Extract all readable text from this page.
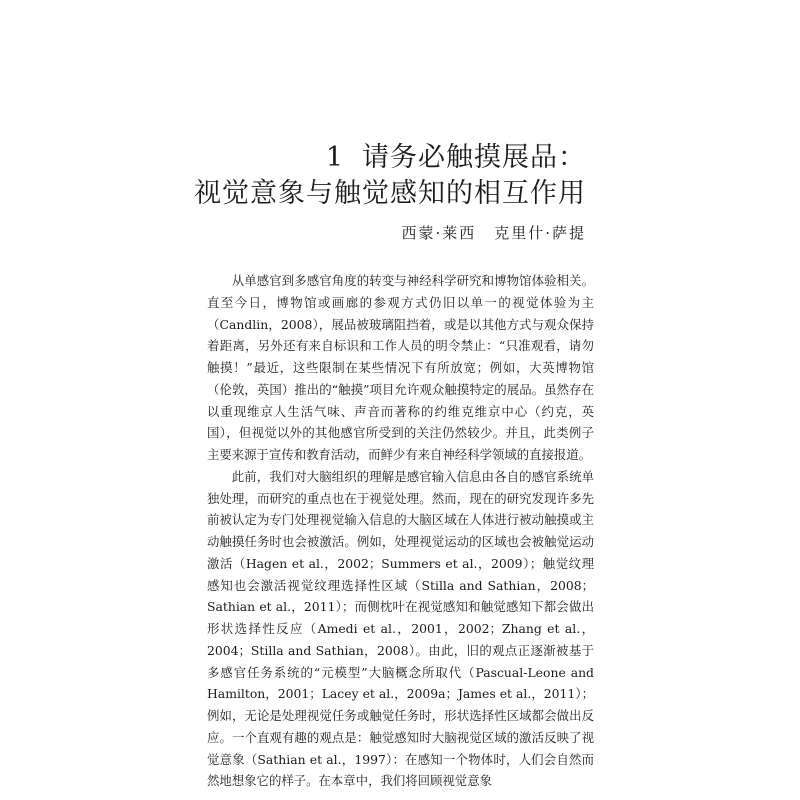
1 请务必触摸展品：
视觉意象与触觉感知的相互作用
西蒙·莱西 克里什·萨提

从单感官到多感官角度的转变与神经科学研究和博物馆体验相关。直至今日，博物馆或画廊的参观方式仍旧以单一的视觉体验为主（Candlin，2008），展品被玻璃阻挡着，或是以其他方式与观众保持着距离，另外还有来自标识和工作人员的明令禁止：“只准观看，请勿触摸！”最近，这些限制在某些情况下有所放宽；例如，大英博物馆（伦敦，英国）推出的“触摸”项目允许观众触摸特定的展品。虽然存在以重现维京人生活气味、声音而著称的约维克维京中心（约克，英国），但视觉以外的其他感官所受到的关注仍然较少。并且，此类例子主要来源于宣传和教育活动，而鲜少有来自神经科学领域的直接报道。

此前，我们对大脑组织的理解是感官输入信息由各自的感官系统单独处理，而研究的重点也在于视觉处理。然而，现在的研究发现许多先前被认定为专门处理视觉输入信息的大脑区域在人体进行被动触摸或主动触摸任务时也会被激活。例如，处理视觉运动的区域也会被触觉运动激活（Hagen et al.，2002；Summers et al.，2009）；触觉纹理感知也会激活视觉纹理选择性区域（Stilla and Sathian，2008；Sathian et al.，2011）；而侧枕叶在视觉感知和触觉感知下都会做出形状选择性反应（Amedi et al.，2001，2002；Zhang et al.，2004；Stilla and Sathian，2008）。由此，旧的观点正逐渐被基于多感官任务系统的“元模型”大脑概念所取代（Pascual-Leone and Hamilton，2001；Lacey et al.，2009a；James et al.，2011）；例如，无论是处理视觉任务或触觉任务时，形状选择性区域都会做出反应。一个直观有趣的观点是：触觉感知时大脑视觉区域的激活反映了视觉意象（Sathian et al.，1997）：在感知一个物体时，人们会自然而然地想象它的样子。在本章中，我们将回顾视觉意象
